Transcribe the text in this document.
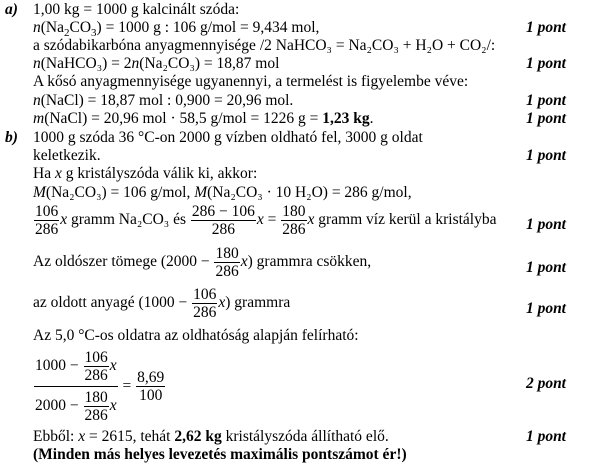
a) 1,00 kg = 1000 g kalcinált szóda:
$n(Na_2CO_3) = 1000$ g : 106 g/mol = 9,434 mol,	1 pont
a szódabikarbóna anyagmennyisége /2 NaHCO₃ = Na₂CO₃ + H₂O + CO₂/:
n(NaHCO₃) = 2n(Na₂CO₃) = 18,87 mol	1 pont
A kősó anyagmennyisége ugyanennyi, a termelést is figyelembe véve:
n(NaCl) = 18,87 mol : 0,900 = 20,96 mol.	1 pont
m(NaCl) = 20,96 mol · 58,5 g/mol = 1226 g = 1,23 kg.	1 pont
b) 1000 g szóda 36 °C-on 2000 g vízben oldható fel, 3000 g oldat
keletkezik.	1 pont
Ha x g kristályszóda válik ki, akkor:
M(Na₂CO₃) = 106 g/mol, M(Na₂CO₃ · 10 H₂O) = 286 g/mol,
$\frac{106}{286}$ x gramm Na₂CO₃ és $\frac{286 - 106}{286}$ $x = \frac{180}{286}$ x gramm víz kerül a kristályba 1 pont
Az oldószer tömege $(2000 - \frac{180}{286} x)$ grammra csökken,	1 pont
az oldott anyagé $(1000 - \frac{106}{286} x)$ grammra	1 pont
Az 5,0 °C-os oldatra az oldhatóság alapján felírható:
$\frac{1000 - \frac{106}{286} x}{2000 - \frac{180}{286} x} = \frac{8,69}{100}$	2 pont
Ebből: x = 2615, tehát 2,62 kg kristályszóda állítható elő.	1 pont
(Minden más helyes levezetés maximális pontszámot ér!)
